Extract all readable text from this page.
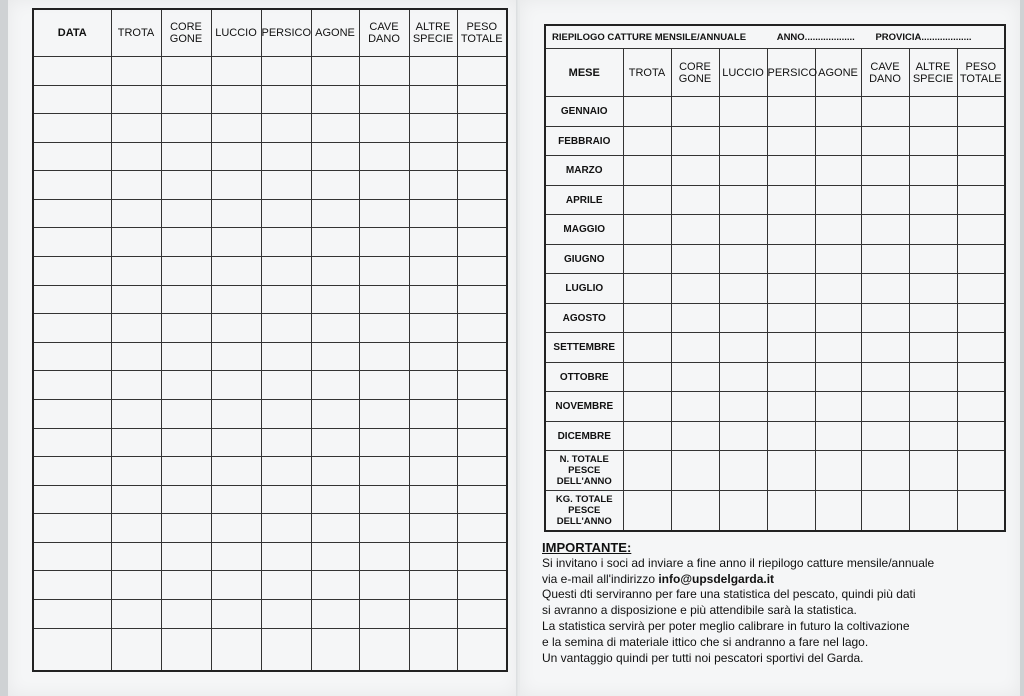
DATA	TROTA	CORE GONE	LUCCIO	PERSICO	AGONE	CAVE DANO	ALTRE SPECIE	PESO TOTALE

									RIEPILOGO CATTURE MENSILE/ANNUALE ANNO................... PROVICIA...................								
MESE	TROTA	CORE GONE	LUCCIO	PERSICO	AGONE	CAVE DANO	ALTRE SPECIE	PESO TOTALE
GENNAIO								
FEBBRAIO								
MARZO								
APRILE								
MAGGIO								
GIUGNO								
LUGLIO								
AGOSTO								
SETTEMBRE								
OTTOBRE								
NOVEMBRE								
DICEMBRE								
N. TOTALE PESCE DELL'ANNO								
KG. TOTALE PESCE DELL'ANNO								
IMPORTANTE:
Si invitano i soci ad inviare a fine anno il riepilogo catture mensile/annuale
via e-mail all'indirizzo info@upsdelgarda.it
Questi dti serviranno per fare una statistica del pescato, quindi più dati
si avranno a disposizione e più attendibile sarà la statistica.
La statistica servirà per poter meglio calibrare in futuro la coltivazione
e la semina di materiale ittico che si andranno a fare nel lago.
Un vantaggio quindi per tutti noi pescatori sportivi del Garda.
